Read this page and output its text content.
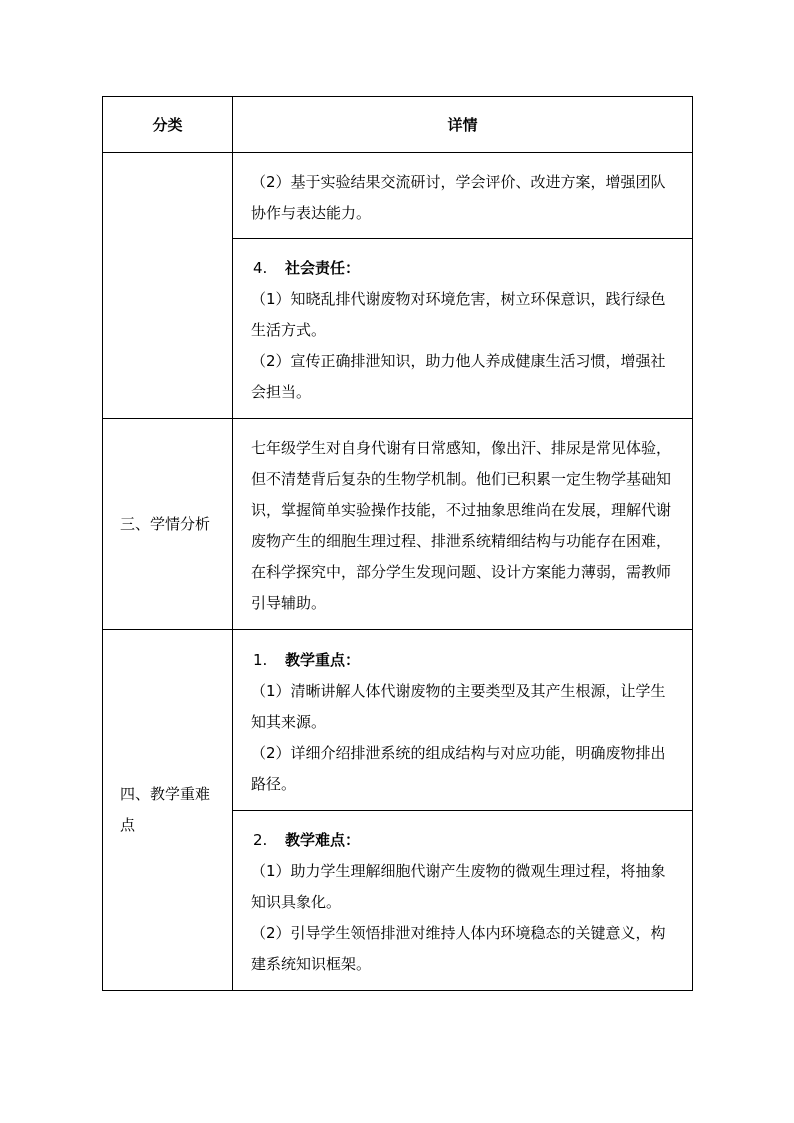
分类	详情

	（2）基于实验结果交流研讨，学会评价、改进方案，增强团队协作与表达能力。

	4. 社会责任：

（1）知晓乱排代谢废物对环境危害，树立环保意识，践行绿色生活方式。

（2）宣传正确排泄知识，助力他人养成健康生活习惯，增强社会担当。

三、学情分析	七年级学生对自身代谢有日常感知，像出汗、排尿是常见体验，但不清楚背后复杂的生物学机制。他们已积累一定生物学基础知识，掌握简单实验操作技能，不过抽象思维尚在发展，理解代谢废物产生的细胞生理过程、排泄系统精细结构与功能存在困难，在科学探究中，部分学生发现问题、设计方案能力薄弱，需教师引导辅助。

四、教学重难点	1. 教学重点：

（1）清晰讲解人体代谢废物的主要类型及其产生根源，让学生知其来源。

（2）详细介绍排泄系统的组成结构与对应功能，明确废物排出路径。

	2. 教学难点：

（1）助力学生理解细胞代谢产生废物的微观生理过程，将抽象知识具象化。

（2）引导学生领悟排泄对维持人体内环境稳态的关键意义，构建系统知识框架。
